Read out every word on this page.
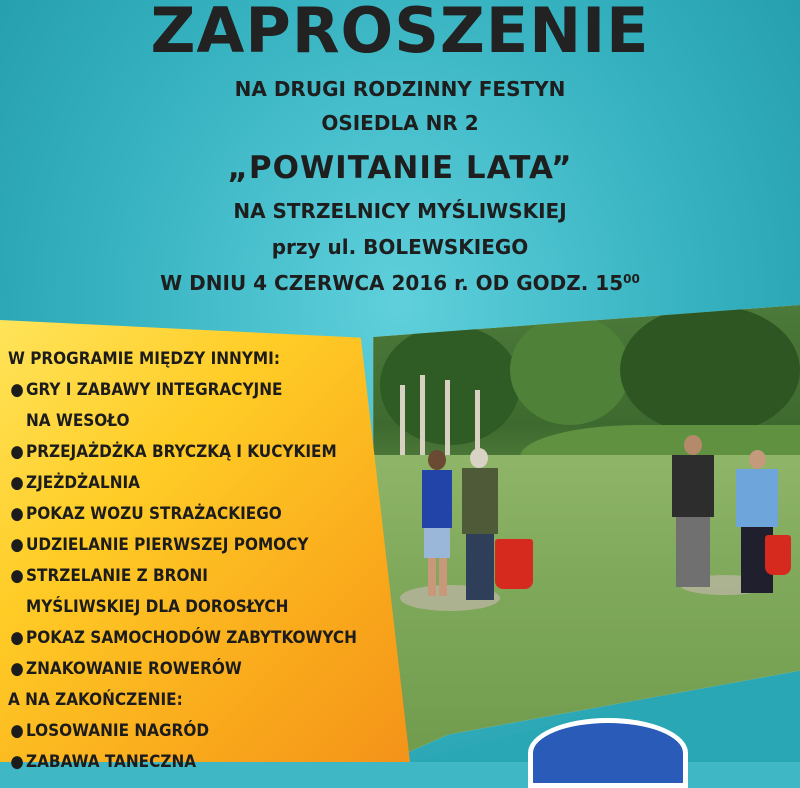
ZAPROSZENIE
NA DRUGI RODZINNY FESTYN
OSIEDLA NR 2
„POWITANIE LATA”
NA STRZELNICY MYŚLIWSKIEJ
przy ul. BOLEWSKIEGO
W DNIU 4 CZERWCA 2016 r. OD GODZ. $15^{00}$
W PROGRAMIE MIĘDZY INNYMI:
● GRY I ZABAWY INTEGRACYJNE
NA WESOŁO
● PRZEJAŻDŻKA BRYCZKĄ I KUCYKIEM
● ZJEŻDŻALNIA
● POKAZ WOZU STRAŻACKIEGO
● UDZIELANIE PIERWSZEJ POMOCY
● STRZELANIE Z BRONI
MYŚLIWSKIEJ DLA DOROSŁYCH
● POKAZ SAMOCHODÓW ZABYTKOWYCH
● ZNAKOWANIE ROWERÓW
A NA ZAKOŃCZENIE:
● LOSOWANIE NAGRÓD
● ZABAWA TANECZNA
